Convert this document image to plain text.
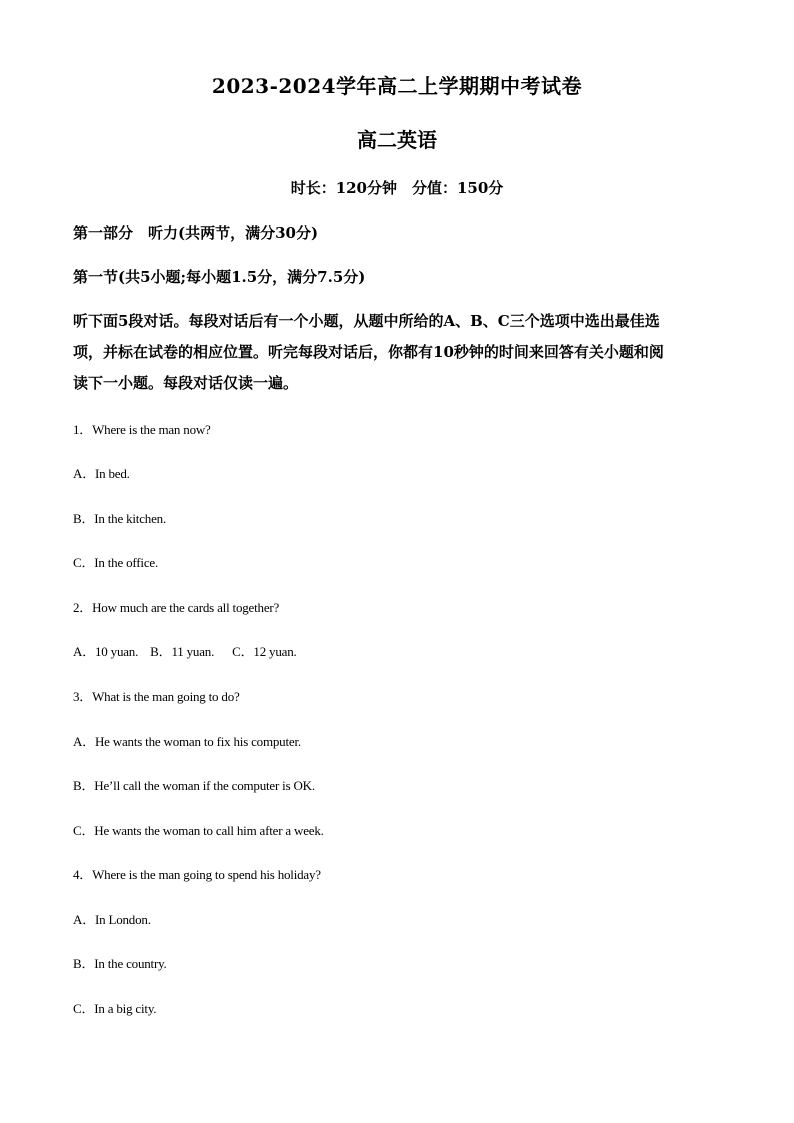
2023-2024学年高二上学期期中考试卷
高二英语
时长：120分钟　分值：150分
第一部分　听力(共两节，满分30分)
第一节(共5小题;每小题1.5分，满分7.5分)
听下面5段对话。每段对话后有一个小题，从题中所给的A、B、C三个选项中选出最佳选
项，并标在试卷的相应位置。听完每段对话后，你都有10秒钟的时间来回答有关小题和阅
读下一小题。每段对话仅读一遍。
1．Where is the man now?
A．In bed.
B．In the kitchen.
C．In the office.
2．How much are the cards all together?
A．10 yuan. B．11 yuan. C．12 yuan.
3．What is the man going to do?
A．He wants the woman to fix his computer.
B．He’ll call the woman if the computer is OK.
C．He wants the woman to call him after a week.
4．Where is the man going to spend his holiday?
A．In London.
B．In the country.
C．In a big city.
